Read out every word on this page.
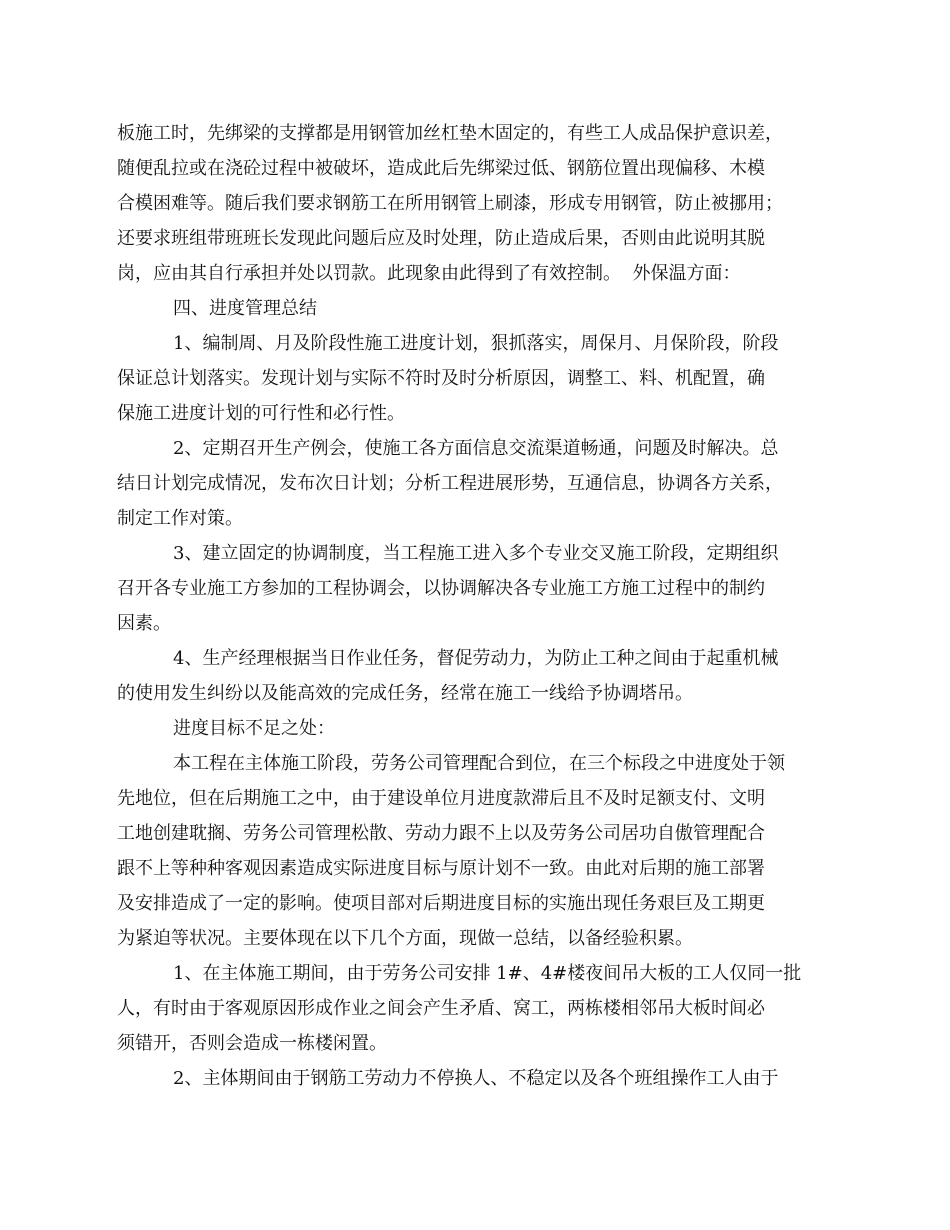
板施工时，先绑梁的支撑都是用钢管加丝杠垫木固定的，有些工人成品保护意识差，
随便乱拉或在浇砼过程中被破坏，造成此后先绑梁过低、钢筋位置出现偏移、木模
合模困难等。随后我们要求钢筋工在所用钢管上刷漆，形成专用钢管，防止被挪用；
还要求班组带班班长发现此问题后应及时处理，防止造成后果，否则由此说明其脱
岗，应由其自行承担并处以罚款。此现象由此得到了有效控制。  外保温方面：
四、进度管理总结
1、编制周、月及阶段性施工进度计划，狠抓落实，周保月、月保阶段，阶段
保证总计划落实。发现计划与实际不符时及时分析原因，调整工、料、机配置，确
保施工进度计划的可行性和必行性。
2、定期召开生产例会，使施工各方面信息交流渠道畅通，问题及时解决。总
结日计划完成情况，发布次日计划；分析工程进展形势，互通信息，协调各方关系，
制定工作对策。
3、建立固定的协调制度，当工程施工进入多个专业交叉施工阶段，定期组织
召开各专业施工方参加的工程协调会，以协调解决各专业施工方施工过程中的制约
因素。
4、生产经理根据当日作业任务，督促劳动力，为防止工种之间由于起重机械
的使用发生纠纷以及能高效的完成任务，经常在施工一线给予协调塔吊。
进度目标不足之处：
本工程在主体施工阶段，劳务公司管理配合到位，在三个标段之中进度处于领
先地位，但在后期施工之中，由于建设单位月进度款滞后且不及时足额支付、文明
工地创建耽搁、劳务公司管理松散、劳动力跟不上以及劳务公司居功自傲管理配合
跟不上等种种客观因素造成实际进度目标与原计划不一致。由此对后期的施工部署
及安排造成了一定的影响。使项目部对后期进度目标的实施出现任务艰巨及工期更
为紧迫等状况。主要体现在以下几个方面，现做一总结，以备经验积累。
1、在主体施工期间，由于劳务公司安排 1#、4#楼夜间吊大板的工人仅同一批
人，有时由于客观原因形成作业之间会产生矛盾、窝工，两栋楼相邻吊大板时间必
须错开，否则会造成一栋楼闲置。
2、主体期间由于钢筋工劳动力不停换人、不稳定以及各个班组操作工人由于
